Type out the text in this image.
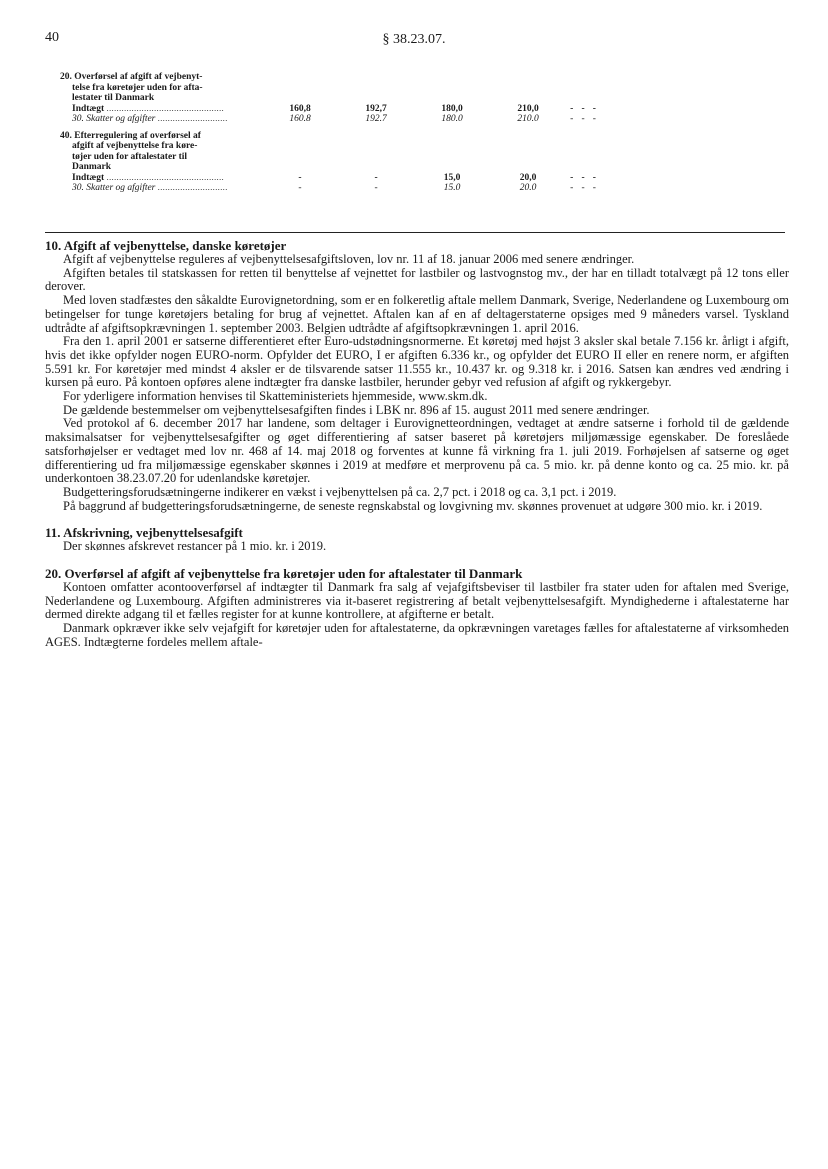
40	§ 38.23.07.
20. Overførsel af afgift af vejbenyt-
telse fra køretøjer uden for afta-
lestater til Danmark							

Indtægt ...............................................	160,8	192,7	180,0	210,0	-	-	-
30. Skatter og afgifter ............................	160.8	192.7	180.0	210.0	-	-	-

40. Efterregulering af overførsel af
afgift af vejbenyttelse fra køre-
tøjer uden for aftalestater til
Danmark							

Indtægt ...............................................	-	-	15,0	20,0	-	-	-
30. Skatter og afgifter ............................	-	-	15.0	20.0	-	-	-
10. Afgift af vejbenyttelse, danske køretøjer

Afgift af vejbenyttelse reguleres af vejbenyttelsesafgiftsloven, lov nr. 11 af 18. januar 2006 med senere ændringer.

Afgiften betales til statskassen for retten til benyttelse af vejnettet for lastbiler og lastvognstog mv., der har en tilladt totalvægt på 12 tons eller derover.

Med loven stadfæstes den såkaldte Eurovignetordning, som er en folkeretlig aftale mellem Danmark, Sverige, Nederlandene og Luxembourg om betingelser for tunge køretøjers betaling for brug af vejnettet. Aftalen kan af en af deltagerstaterne opsiges med 9 måneders varsel. Tyskland udtrådte af afgiftsopkrævningen 1. september 2003. Belgien udtrådte af afgiftsopkrævningen 1. april 2016.

Fra den 1. april 2001 er satserne differentieret efter Euro-udstødningsnormerne. Et køretøj med højst 3 aksler skal betale 7.156 kr. årligt i afgift, hvis det ikke opfylder nogen EURO-norm. Opfylder det EURO, I er afgiften 6.336 kr., og opfylder det EURO II eller en renere norm, er afgiften 5.591 kr. For køretøjer med mindst 4 aksler er de tilsvarende satser 11.555 kr., 10.437 kr. og 9.318 kr. i 2016. Satsen kan ændres ved ændring i kursen på euro. På kontoen opføres alene indtægter fra danske lastbiler, herunder gebyr ved refusion af afgift og rykkergebyr.

For yderligere information henvises til Skatteministeriets hjemmeside, www.skm.dk.

De gældende bestemmelser om vejbenyttelsesafgiften findes i LBK nr. 896 af 15. august 2011 med senere ændringer.

Ved protokol af 6. december 2017 har landene, som deltager i Eurovignetteordningen, vedtaget at ændre satserne i forhold til de gældende maksimalsatser for vejbenyttelsesafgifter og øget differentiering af satser baseret på køretøjers miljømæssige egenskaber. De foreslåede satsforhøjelser er vedtaget med lov nr. 468 af 14. maj 2018 og forventes at kunne få virkning fra 1. juli 2019. Forhøjelsen af satserne og øget differentiering ud fra miljømæssige egenskaber skønnes i 2019 at medføre et merprovenu på ca. 5 mio. kr. på denne konto og ca. 25 mio. kr. på underkontoen 38.23.07.20 for udenlandske køretøjer.

Budgetteringsforudsætningerne indikerer en vækst i vejbenyttelsen på ca. 2,7 pct. i 2018 og ca. 3,1 pct. i 2019.

På baggrund af budgetteringsforudsætningerne, de seneste regnskabstal og lovgivning mv. skønnes provenuet at udgøre 300 mio. kr. i 2019.

11. Afskrivning, vejbenyttelsesafgift

Der skønnes afskrevet restancer på 1 mio. kr. i 2019.

20. Overførsel af afgift af vejbenyttelse fra køretøjer uden for aftalestater til Danmark

Kontoen omfatter acontooverførsel af indtægter til Danmark fra salg af vejafgiftsbeviser til lastbiler fra stater uden for aftalen med Sverige, Nederlandene og Luxembourg. Afgiften administreres via it-baseret registrering af betalt vejbenyttelsesafgift. Myndighederne i aftalestaterne har dermed direkte adgang til et fælles register for at kunne kontrollere, at afgifterne er betalt.

Danmark opkræver ikke selv vejafgift for køretøjer uden for aftalestaterne, da opkrævningen varetages fælles for aftalestaterne af virksomheden AGES. Indtægterne fordeles mellem aftale-
